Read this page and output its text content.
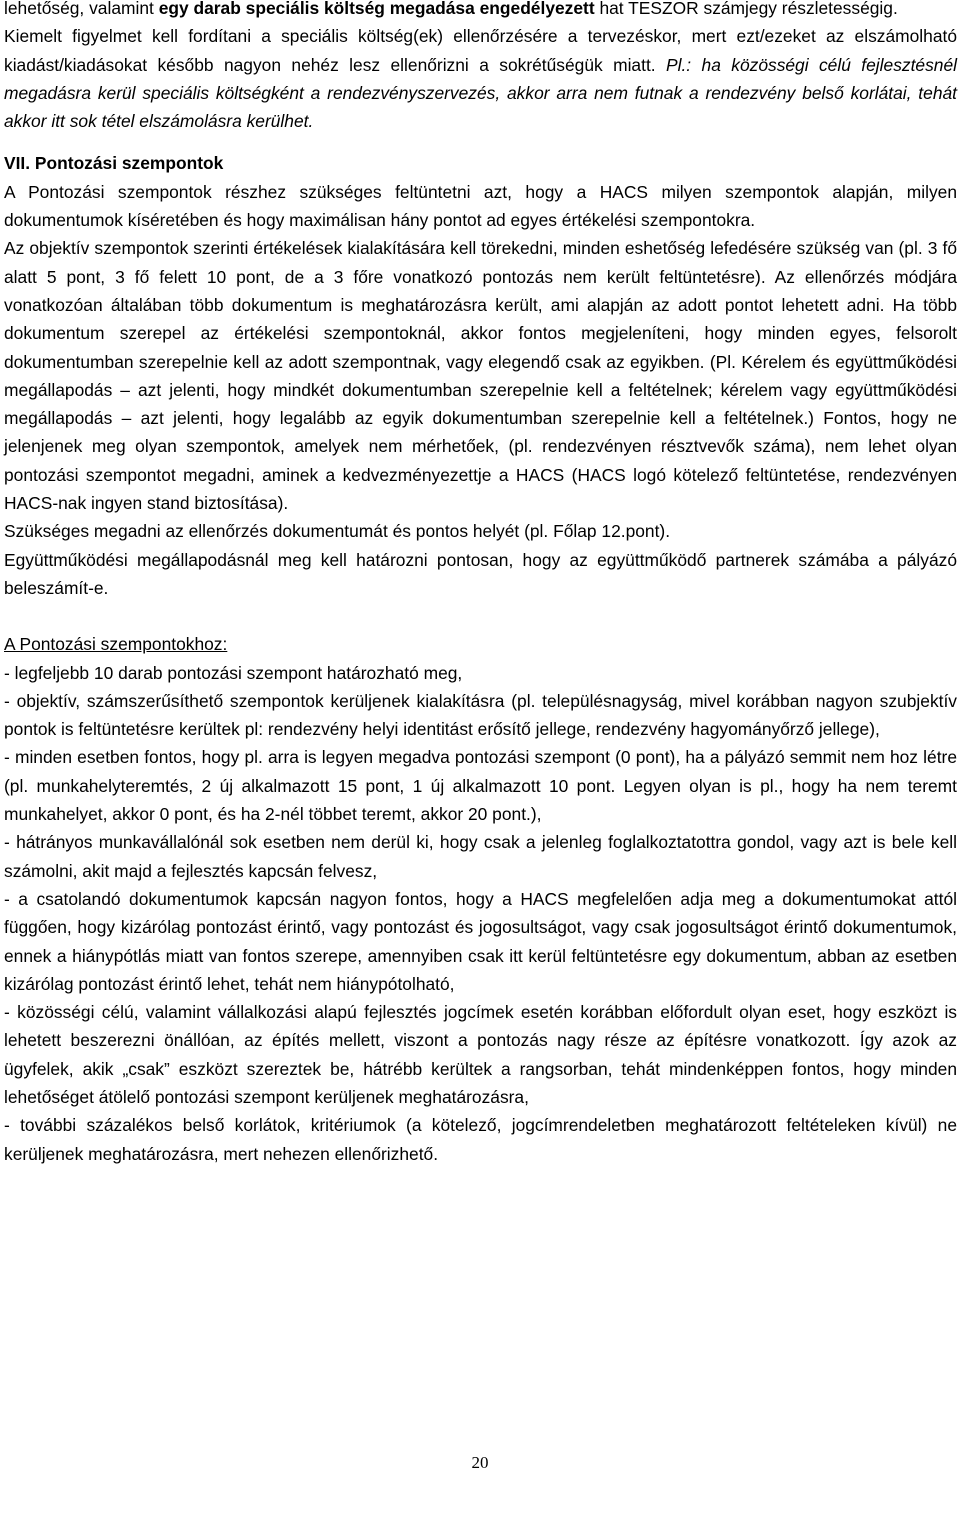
lehetőség, valamint egy darab speciális költség megadása engedélyezett hat TESZOR számjegy részletességig.

Kiemelt figyelmet kell fordítani a speciális költség(ek) ellenőrzésére a tervezéskor, mert ezt/ezeket az elszámolható kiadást/kiadásokat később nagyon nehéz lesz ellenőrizni a sokrétűségük miatt. Pl.: ha közösségi célú fejlesztésnél megadásra kerül speciális költségként a rendezvényszervezés, akkor arra nem futnak a rendezvény belső korlátai, tehát akkor itt sok tétel elszámolásra kerülhet.

VII. Pontozási szempontok

A Pontozási szempontok részhez szükséges feltüntetni azt, hogy a HACS milyen szempontok alapján, milyen dokumentumok kíséretében és hogy maximálisan hány pontot ad egyes értékelési szempontokra.

Az objektív szempontok szerinti értékelések kialakítására kell törekedni, minden eshetőség lefedésére szükség van (pl. 3 fő alatt 5 pont, 3 fő felett 10 pont, de a 3 főre vonatkozó pontozás nem került feltüntetésre). Az ellenőrzés módjára vonatkozóan általában több dokumentum is meghatározásra került, ami alapján az adott pontot lehetett adni. Ha több dokumentum szerepel az értékelési szempontoknál, akkor fontos megjeleníteni, hogy minden egyes, felsorolt dokumentumban szerepelnie kell az adott szempontnak, vagy elegendő csak az egyikben. (Pl. Kérelem és együttműködési megállapodás – azt jelenti, hogy mindkét dokumentumban szerepelnie kell a feltételnek; kérelem vagy együttműködési megállapodás – azt jelenti, hogy legalább az egyik dokumentumban szerepelnie kell a feltételnek.) Fontos, hogy ne jelenjenek meg olyan szempontok, amelyek nem mérhetőek, (pl. rendezvényen résztvevők száma), nem lehet olyan pontozási szempontot megadni, aminek a kedvezményezettje a HACS (HACS logó kötelező feltüntetése, rendezvényen HACS-nak ingyen stand biztosítása).

Szükséges megadni az ellenőrzés dokumentumát és pontos helyét (pl. Főlap 12.pont).

Együttműködési megállapodásnál meg kell határozni pontosan, hogy az együttműködő partnerek számába a pályázó beleszámít-e.

A Pontozási szempontokhoz:

- legfeljebb 10 darab pontozási szempont határozható meg,

- objektív, számszerűsíthető szempontok kerüljenek kialakításra (pl. településnagyság, mivel korábban nagyon szubjektív pontok is feltüntetésre kerültek pl: rendezvény helyi identitást erősítő jellege, rendezvény hagyományőrző jellege),

- minden esetben fontos, hogy pl. arra is legyen megadva pontozási szempont (0 pont), ha a pályázó semmit nem hoz létre (pl. munkahelyteremtés, 2 új alkalmazott 15 pont, 1 új alkalmazott 10 pont. Legyen olyan is pl., hogy ha nem teremt munkahelyet, akkor 0 pont, és ha 2-nél többet teremt, akkor 20 pont.),

- hátrányos munkavállalónál sok esetben nem derül ki, hogy csak a jelenleg foglalkoztatottra gondol, vagy azt is bele kell számolni, akit majd a fejlesztés kapcsán felvesz,

- a csatolandó dokumentumok kapcsán nagyon fontos, hogy a HACS megfelelően adja meg a dokumentumokat attól függően, hogy kizárólag pontozást érintő, vagy pontozást és jogosultságot, vagy csak jogosultságot érintő dokumentumok, ennek a hiánypótlás miatt van fontos szerepe, amennyiben csak itt kerül feltüntetésre egy dokumentum, abban az esetben kizárólag pontozást érintő lehet, tehát nem hiánypótolható,

- közösségi célú, valamint vállalkozási alapú fejlesztés jogcímek esetén korábban előfordult olyan eset, hogy eszközt is lehetett beszerezni önállóan, az építés mellett, viszont a pontozás nagy része az építésre vonatkozott. Így azok az ügyfelek, akik „csak” eszközt szereztek be, hátrébb kerültek a rangsorban, tehát mindenképpen fontos, hogy minden lehetőséget átölelő pontozási szempont kerüljenek meghatározásra,

- további százalékos belső korlátok, kritériumok (a kötelező, jogcímrendeletben meghatározott feltételeken kívül) ne kerüljenek meghatározásra, mert nehezen ellenőrizhető.

20
